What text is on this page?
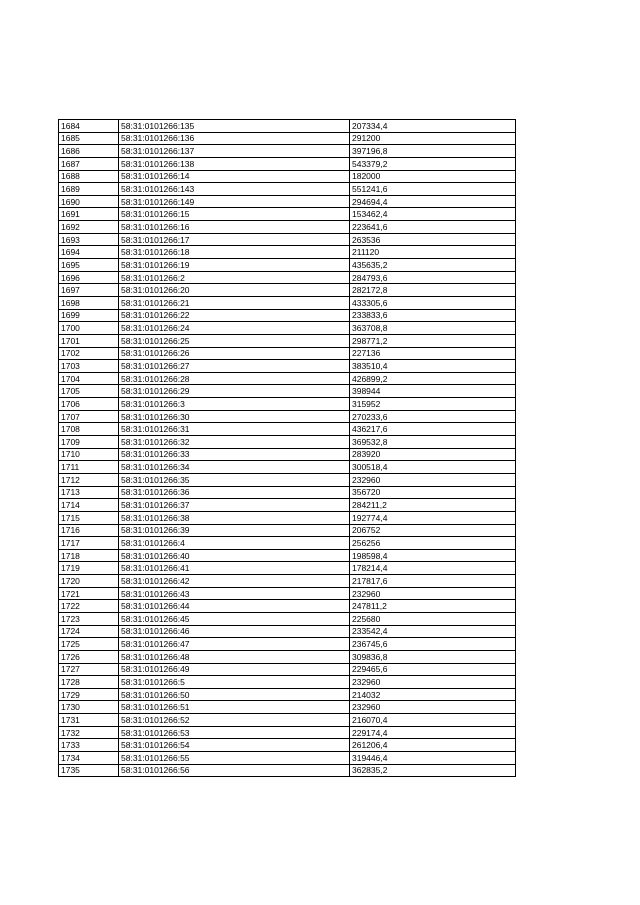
1684	58:31:0101266:135	207334,4
1685	58:31:0101266:136	291200
1686	58:31:0101266:137	397196,8
1687	58:31:0101266:138	543379,2
1688	58:31:0101266:14	182000
1689	58:31:0101266:143	551241,6
1690	58:31:0101266:149	294694,4
1691	58:31:0101266:15	153462,4
1692	58:31:0101266:16	223641,6
1693	58:31:0101266:17	263536
1694	58:31:0101266:18	211120
1695	58:31:0101266:19	435635,2
1696	58:31:0101266:2	284793,6
1697	58:31:0101266:20	282172,8
1698	58:31:0101266:21	433305,6
1699	58:31:0101266:22	233833,6
1700	58:31:0101266:24	363708,8
1701	58:31:0101266:25	298771,2
1702	58:31:0101266:26	227136
1703	58:31:0101266:27	383510,4
1704	58:31:0101266:28	426899,2
1705	58:31:0101266:29	398944
1706	58:31:0101266:3	315952
1707	58:31:0101266:30	270233,6
1708	58:31:0101266:31	436217,6
1709	58:31:0101266:32	369532,8
1710	58:31:0101266:33	283920
1711	58:31:0101266:34	300518,4
1712	58:31:0101266:35	232960
1713	58:31:0101266:36	356720
1714	58:31:0101266:37	284211,2
1715	58:31:0101266:38	192774,4
1716	58:31:0101266:39	206752
1717	58:31:0101266:4	256256
1718	58:31:0101266:40	198598,4
1719	58:31:0101266:41	178214,4
1720	58:31:0101266:42	217817,6
1721	58:31:0101266:43	232960
1722	58:31:0101266:44	247811,2
1723	58:31:0101266:45	225680
1724	58:31:0101266:46	233542,4
1725	58:31:0101266:47	236745,6
1726	58:31:0101266:48	309836,8
1727	58:31:0101266:49	229465,6
1728	58:31:0101266:5	232960
1729	58:31:0101266:50	214032
1730	58:31:0101266:51	232960
1731	58:31:0101266:52	216070,4
1732	58:31:0101266:53	229174,4
1733	58:31:0101266:54	261206,4
1734	58:31:0101266:55	319446,4
1735	58:31:0101266:56	362835,2
